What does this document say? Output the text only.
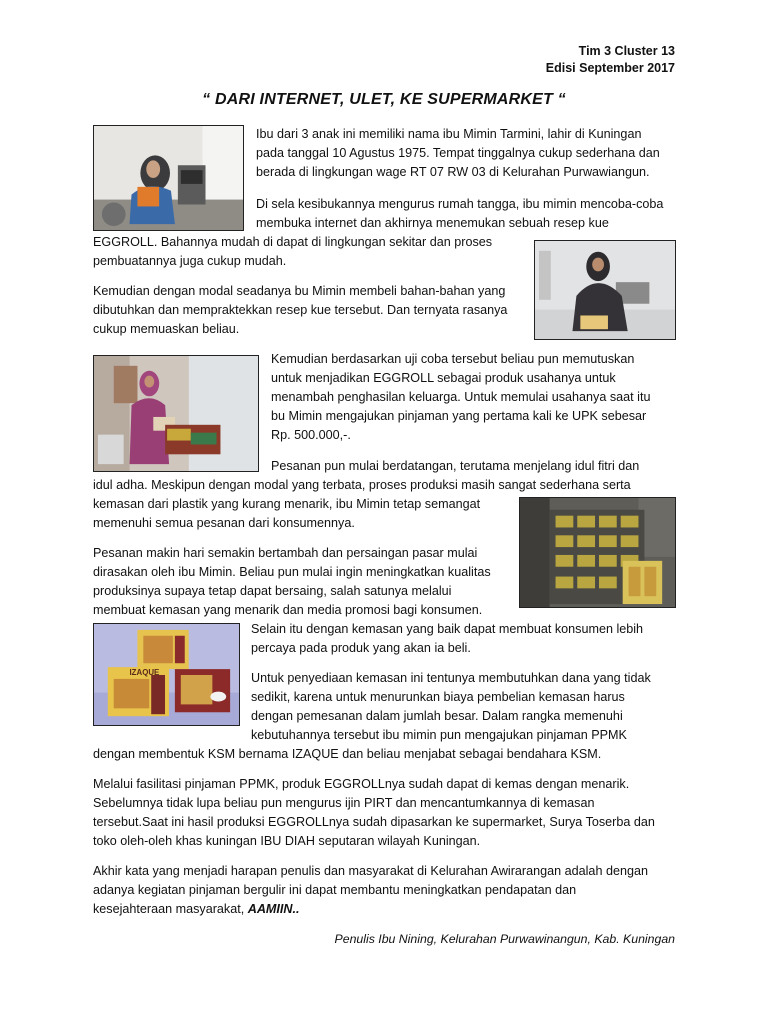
Tim 3 Cluster 13
Edisi September 2017
“ DARI INTERNET, ULET, KE SUPERMARKET “
IZAQUE
Ibu dari 3 anak ini memiliki nama ibu Mimin Tarmini, lahir di Kuningan
pada tanggal 10 Agustus 1975. Tempat tinggalnya cukup sederhana dan
berada di lingkungan wage RT 07 RW 03 di Kelurahan Purwawiangun.
Di sela kesibukannya mengurus rumah tangga, ibu mimin mencoba-coba
membuka internet dan akhirnya menemukan sebuah resep kue
EGGROLL. Bahannya mudah di dapat di lingkungan sekitar dan proses
pembuatannya juga cukup mudah.
Kemudian dengan modal seadanya bu Mimin membeli bahan-bahan yang
dibutuhkan dan mempraktekkan resep kue tersebut. Dan ternyata rasanya
cukup memuaskan beliau.
Kemudian berdasarkan uji coba tersebut beliau pun memutuskan
untuk menjadikan EGGROLL sebagai produk usahanya untuk
menambah penghasilan keluarga. Untuk memulai usahanya saat itu
bu Mimin mengajukan pinjaman yang pertama kali ke UPK sebesar
Rp. 500.000,-.
Pesanan pun mulai berdatangan, terutama menjelang idul fitri dan
idul adha. Meskipun dengan modal yang terbata, proses produksi masih sangat sederhana serta
kemasan dari plastik yang kurang menarik, ibu Mimin tetap semangat
memenuhi semua pesanan dari konsumennya.
Pesanan makin hari semakin bertambah dan persaingan pasar mulai
dirasakan oleh ibu Mimin. Beliau pun mulai ingin meningkatkan kualitas
produksinya supaya tetap dapat bersaing, salah satunya melalui
membuat kemasan yang menarik dan media promosi bagi konsumen.
Selain itu dengan kemasan yang baik dapat membuat konsumen lebih
percaya pada produk yang akan ia beli.
Untuk penyediaan kemasan ini tentunya membutuhkan dana yang tidak
sedikit, karena untuk menurunkan biaya pembelian kemasan harus
dengan pemesanan dalam jumlah besar. Dalam rangka memenuhi
kebutuhannya tersebut ibu mimin pun mengajukan pinjaman PPMK
dengan membentuk KSM bernama IZAQUE dan beliau menjabat sebagai bendahara KSM.
Melalui fasilitasi pinjaman PPMK, produk EGGROLLnya sudah dapat di kemas dengan menarik.
Sebelumnya tidak lupa beliau pun mengurus ijin PIRT dan mencantumkannya di kemasan
tersebut.Saat ini hasil produksi EGGROLLnya sudah dipasarkan ke supermarket, Surya Toserba dan
toko oleh-oleh khas kuningan IBU DIAH seputaran wilayah Kuningan.
Akhir kata yang menjadi harapan penulis dan masyarakat di Kelurahan Awirarangan adalah dengan
adanya kegiatan pinjaman bergulir ini dapat membantu meningkatkan pendapatan dan
kesejahteraan masyarakat, AAMIIN..
Penulis Ibu Nining, Kelurahan Purwawinangun, Kab. Kuningan
